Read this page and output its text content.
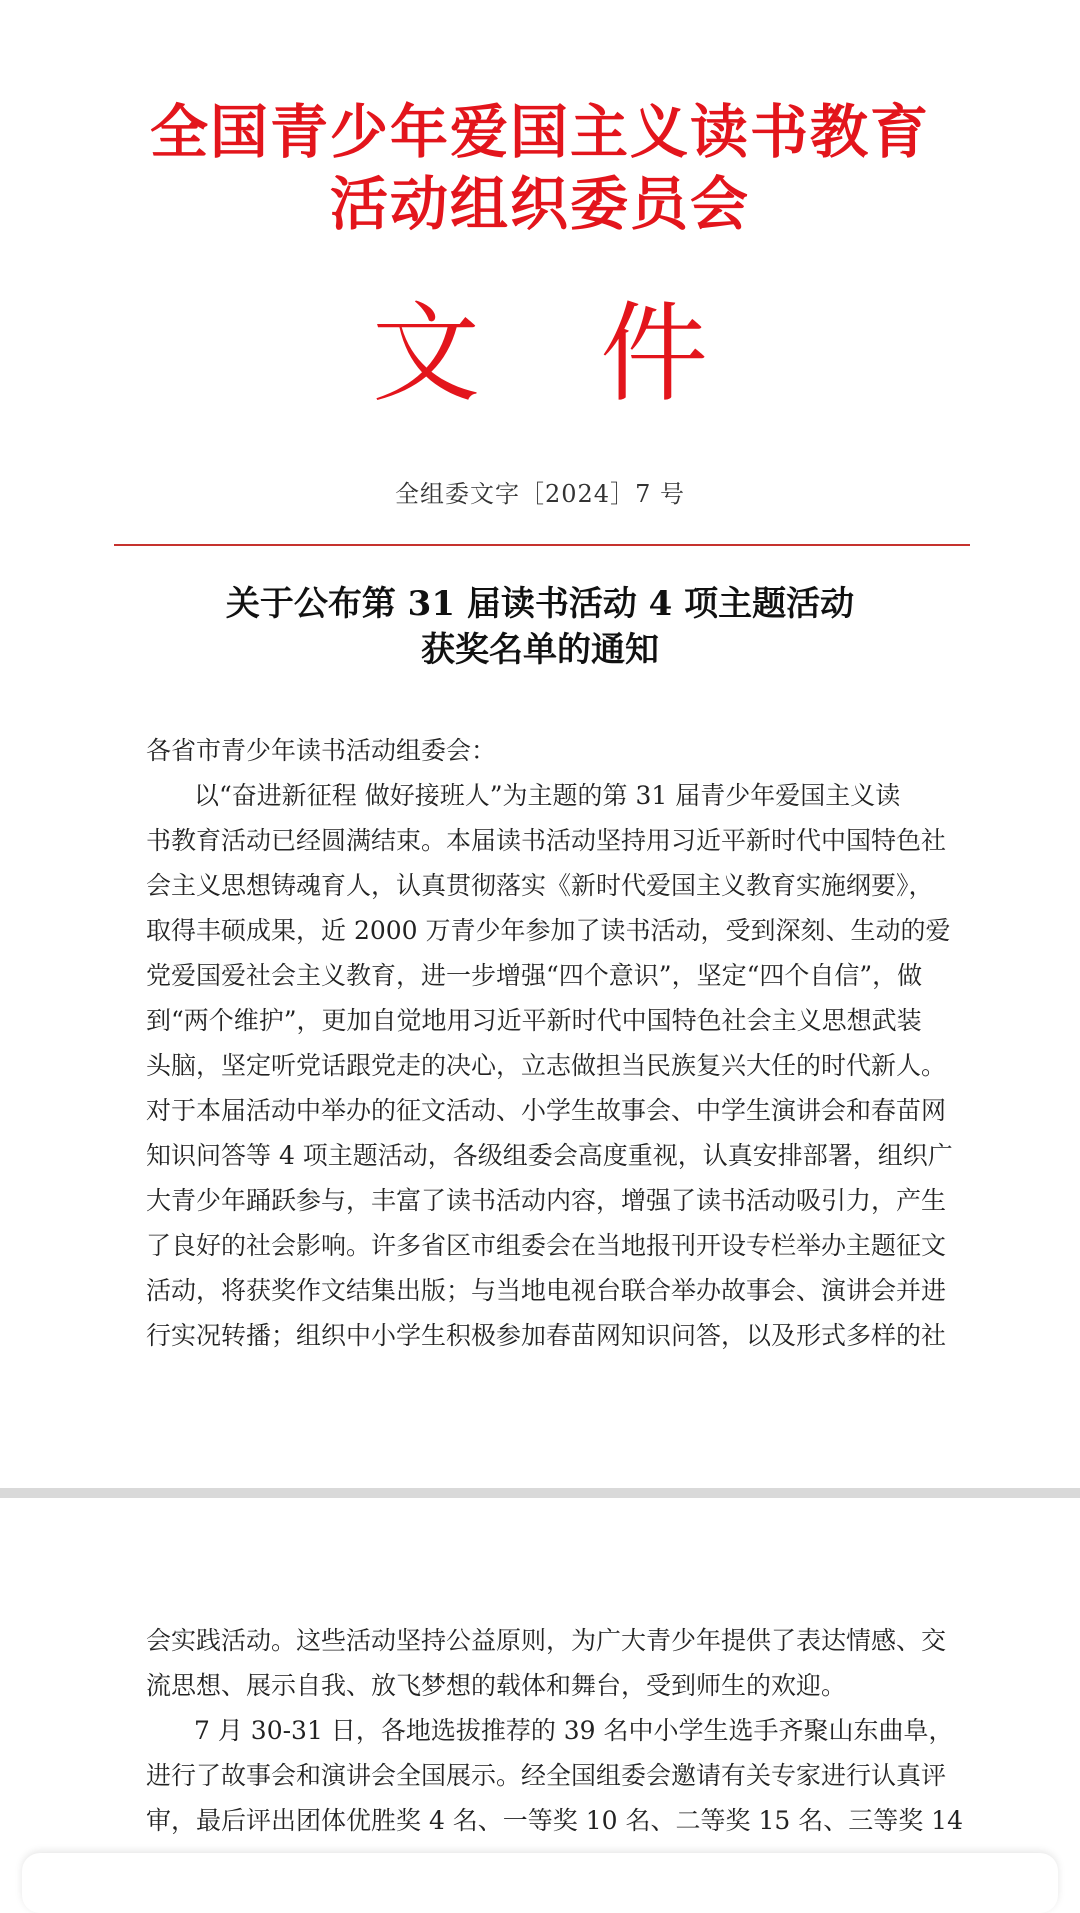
全国青少年爱国主义读书教育
活动组织委员会
文件
全组委文字［2024］7 号
关于公布第 31 届读书活动 4 项主题活动
获奖名单的通知

各省市青少年读书活动组委会：

以“奋进新征程 做好接班人”为主题的第 31 届青少年爱国主义读

书教育活动已经圆满结束。本届读书活动坚持用习近平新时代中国特色社

会主义思想铸魂育人，认真贯彻落实《新时代爱国主义教育实施纲要》，

取得丰硕成果，近 2000 万青少年参加了读书活动，受到深刻、生动的爱

党爱国爱社会主义教育，进一步增强“四个意识”，坚定“四个自信”，做

到“两个维护”，更加自觉地用习近平新时代中国特色社会主义思想武装

头脑，坚定听党话跟党走的决心，立志做担当民族复兴大任的时代新人。

对于本届活动中举办的征文活动、小学生故事会、中学生演讲会和春苗网

知识问答等 4 项主题活动，各级组委会高度重视，认真安排部署，组织广

大青少年踊跃参与，丰富了读书活动内容，增强了读书活动吸引力，产生

了良好的社会影响。许多省区市组委会在当地报刊开设专栏举办主题征文

活动，将获奖作文结集出版；与当地电视台联合举办故事会、演讲会并进

行实况转播；组织中小学生积极参加春苗网知识问答，以及形式多样的社

会实践活动。这些活动坚持公益原则，为广大青少年提供了表达情感、交

流思想、展示自我、放飞梦想的载体和舞台，受到师生的欢迎。

7 月 30-31 日，各地选拔推荐的 39 名中小学生选手齐聚山东曲阜，

进行了故事会和演讲会全国展示。经全国组委会邀请有关专家进行认真评

审，最后评出团体优胜奖 4 名、一等奖 10 名、二等奖 15 名、三等奖 14
